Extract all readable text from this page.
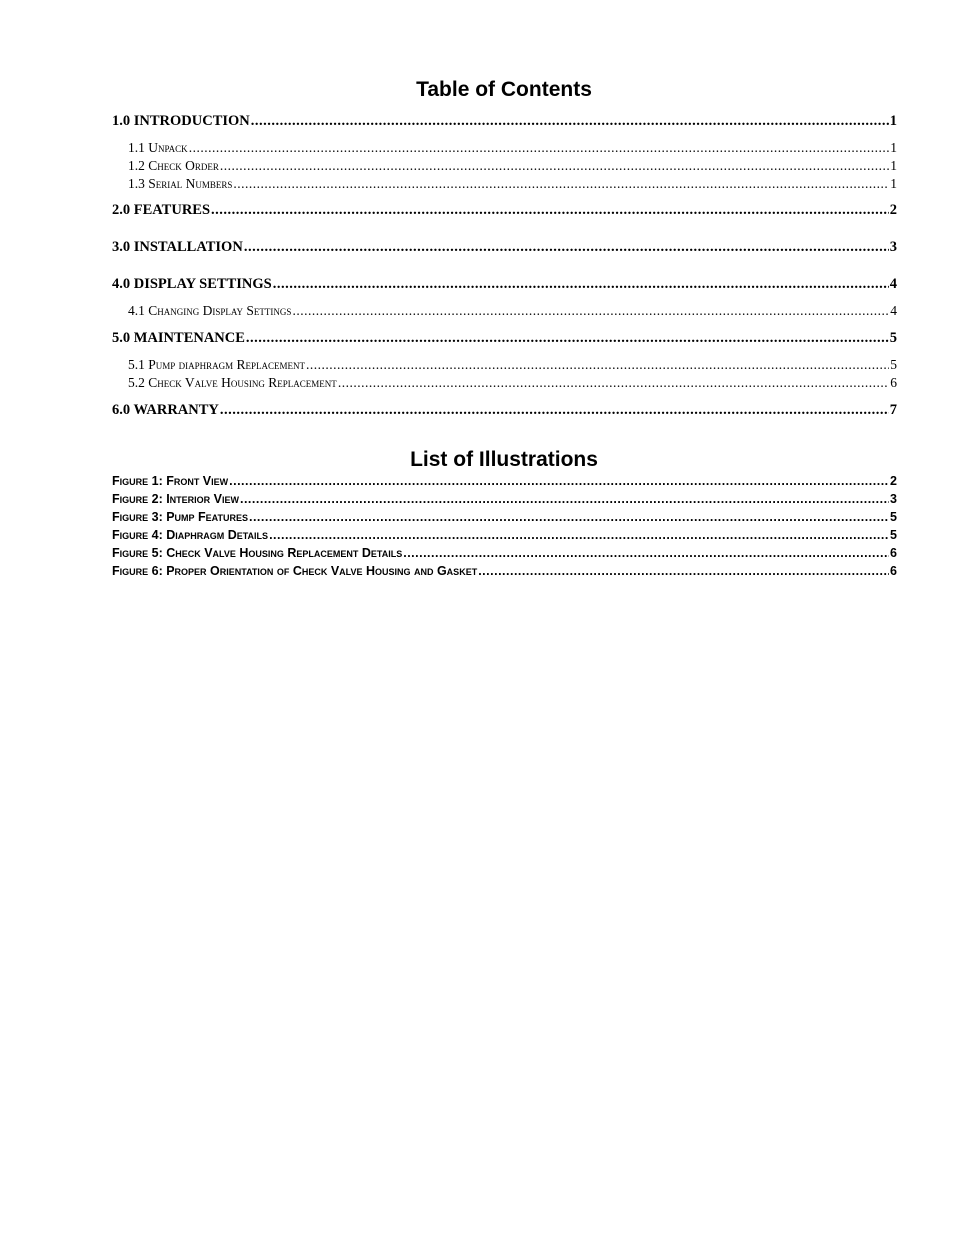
Table of Contents
1.0 INTRODUCTION .....	1
1.1 Unpack .....	1
1.2 Check Order .....	1
1.3 Serial Numbers .....	1
2.0 FEATURES .....	2
3.0 INSTALLATION .....	3
4.0 DISPLAY SETTINGS .....	4
4.1 Changing Display Settings .....	4
5.0 MAINTENANCE .....	5
5.1 Pump diaphragm Replacement .....	5
5.2 Check Valve Housing Replacement .....	6
6.0 WARRANTY .....	7
List of Illustrations
Figure 1: Front View .....	2
Figure 2: Interior View .....	3
Figure 3: Pump Features .....	5
Figure 4: Diaphragm Details .....	5
Figure 5: Check Valve Housing Replacement Details .....	6
Figure 6: Proper Orientation of Check Valve Housing and Gasket .....	6
